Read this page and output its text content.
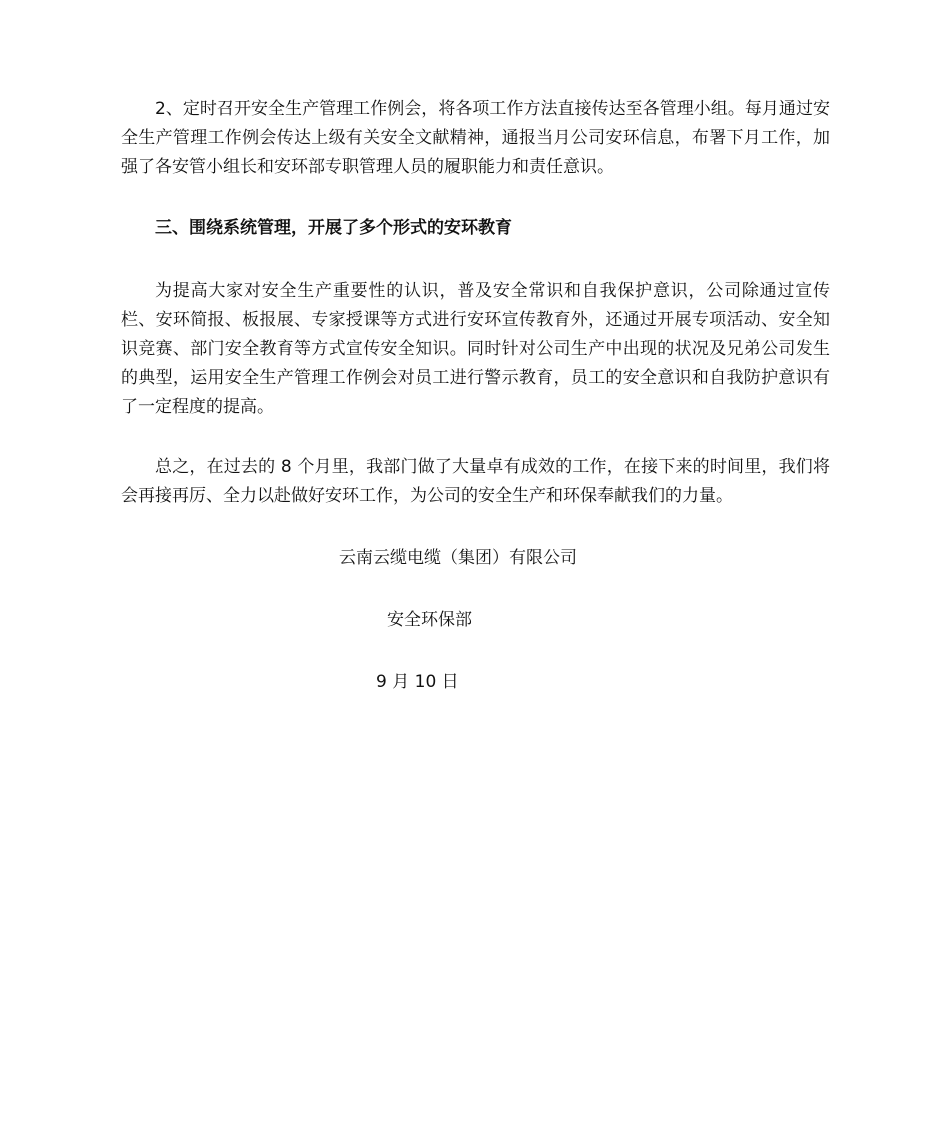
2、定时召开安全生产管理工作例会，将各项工作方法直接传达至各管理小组。每月通过安全生产管理工作例会传达上级有关安全文献精神，通报当月公司安环信息，布署下月工作，加强了各安管小组长和安环部专职管理人员的履职能力和责任意识。

三、围绕系统管理，开展了多个形式的安环教育

为提高大家对安全生产重要性的认识，普及安全常识和自我保护意识，公司除通过宣传栏、安环简报、板报展、专家授课等方式进行安环宣传教育外，还通过开展专项活动、安全知识竞赛、部门安全教育等方式宣传安全知识。同时针对公司生产中出现的状况及兄弟公司发生的典型，运用安全生产管理工作例会对员工进行警示教育，员工的安全意识和自我防护意识有了一定程度的提高。

总之，在过去的 8 个月里，我部门做了大量卓有成效的工作，在接下来的时间里，我们将会再接再厉、全力以赴做好安环工作，为公司的安全生产和环保奉献我们的力量。

云南云缆电缆（集团）有限公司

安全环保部

9 月 10 日
